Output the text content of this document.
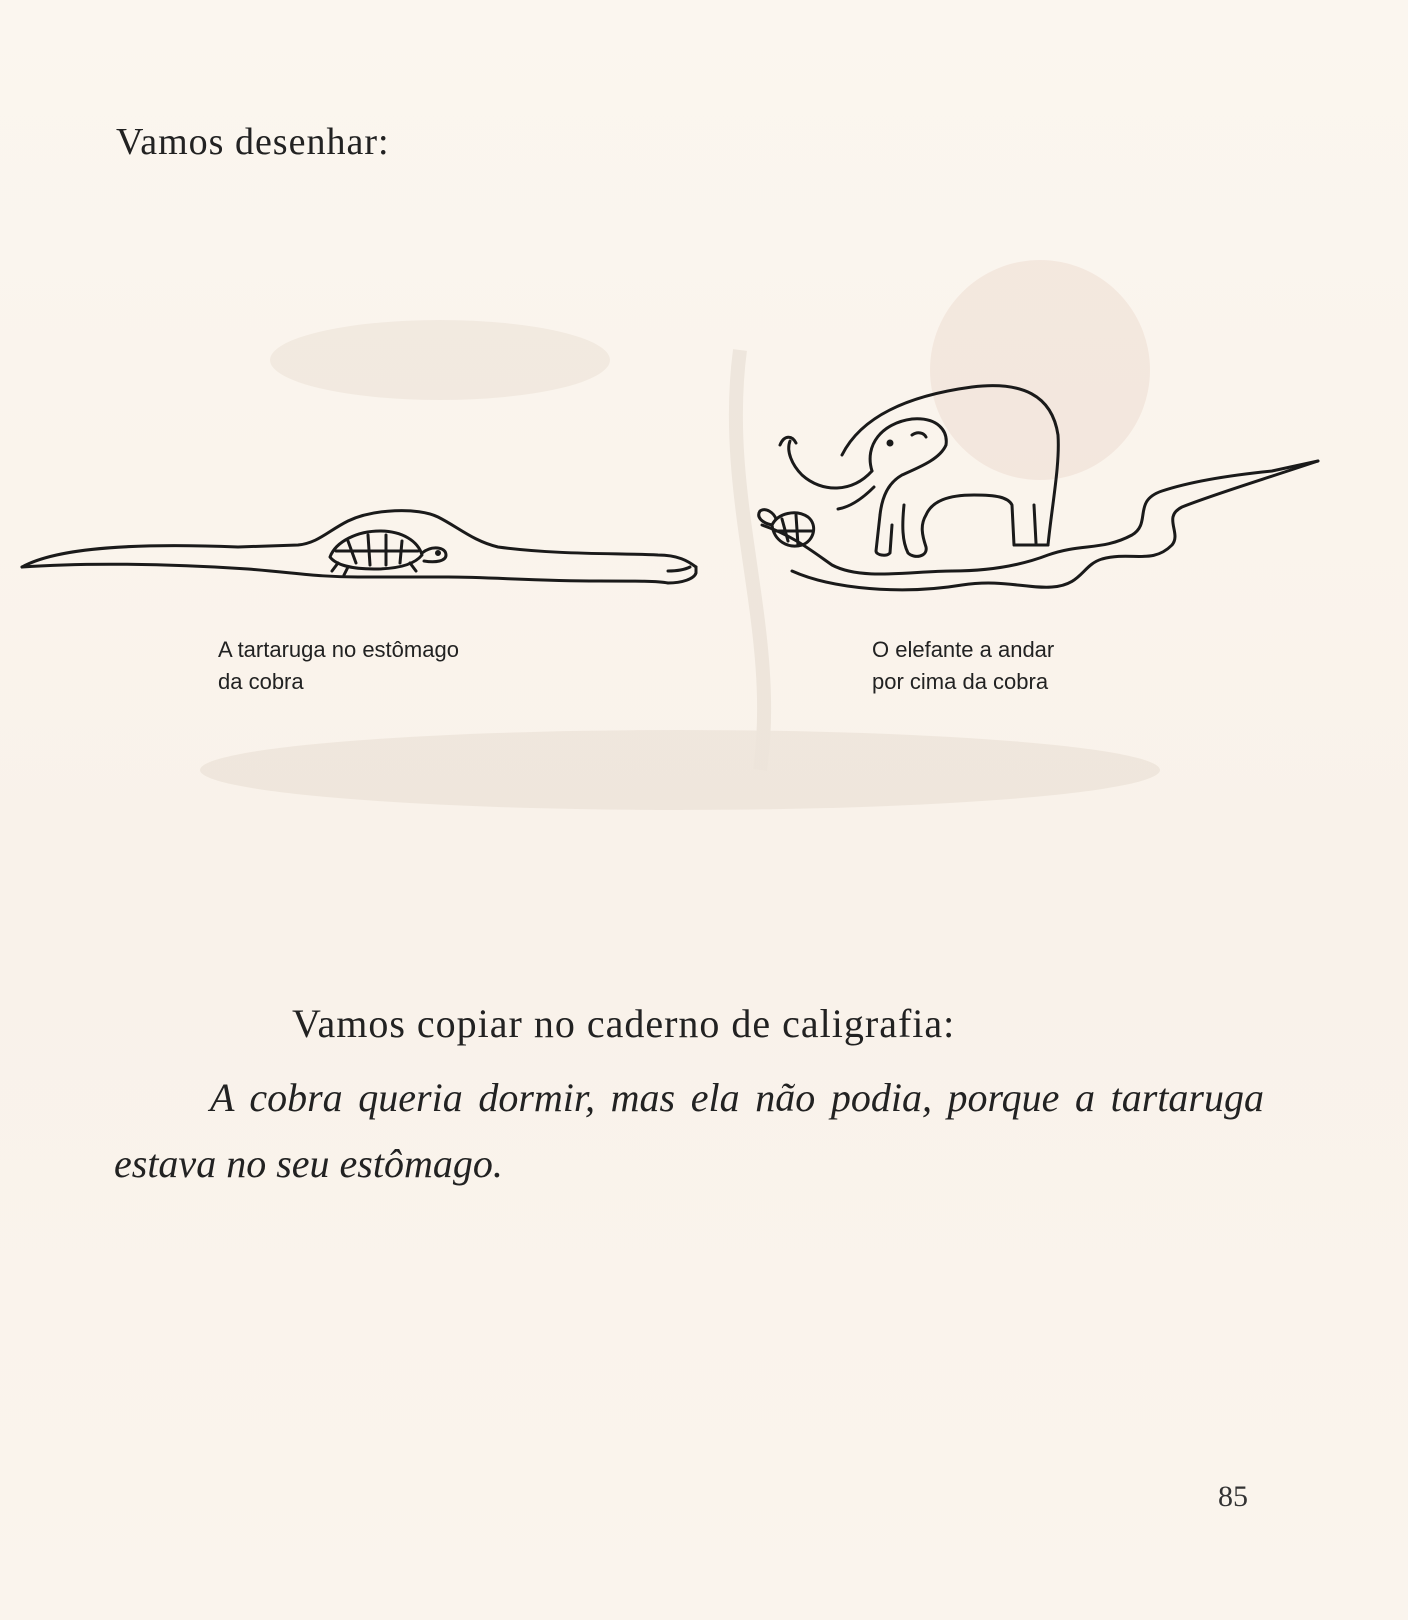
Vamos desenhar:

A tartaruga no estômago
da cobra

O elefante a andar
por cima da cobra

Vamos copiar no caderno de caligrafia:

A cobra queria dormir, mas ela não podia, porque a tartaruga estava no seu estômago.

85
